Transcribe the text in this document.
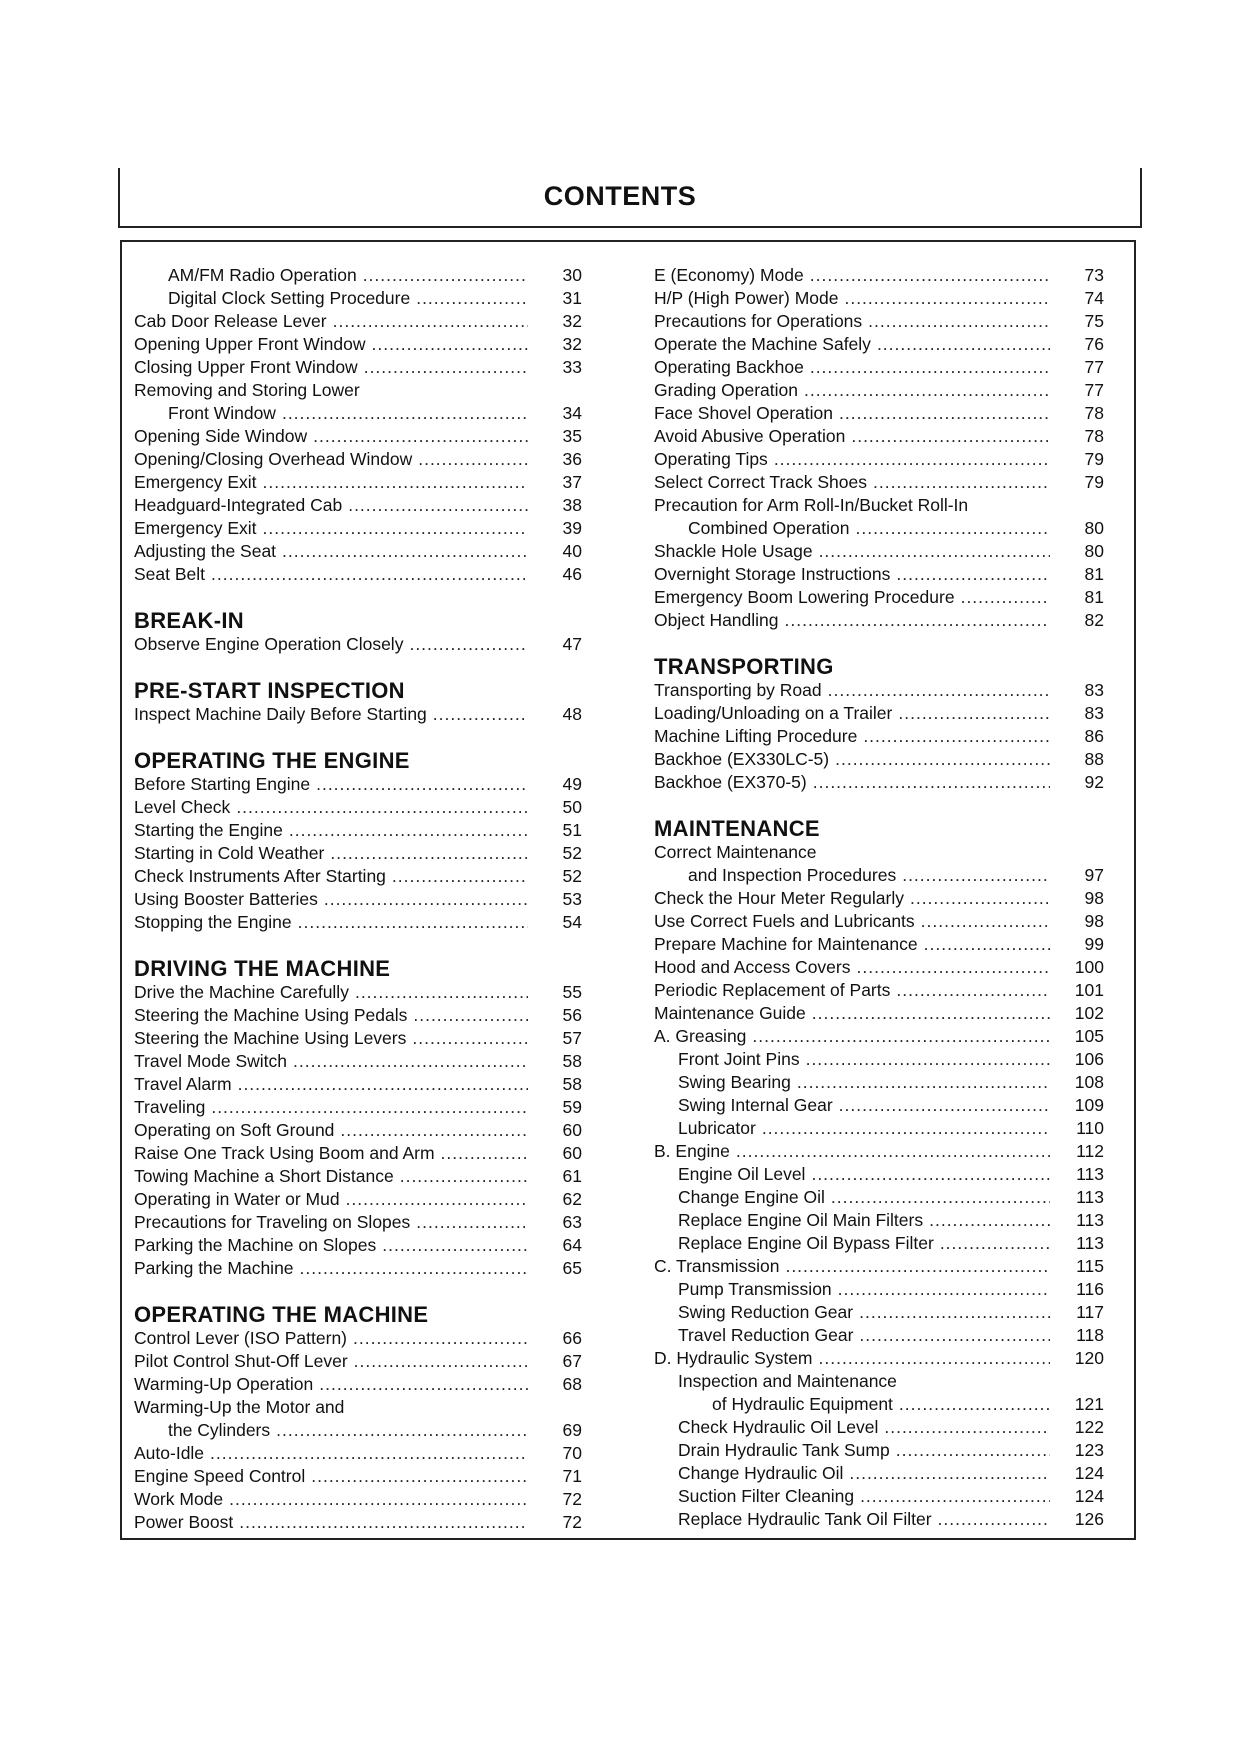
CONTENTS
AM/FM Radio Operation .....	30
Digital Clock Setting Procedure .....	31
Cab Door Release Lever .....	32
Opening Upper Front Window .....	32
Closing Upper Front Window .....	33
Removing and Storing Lower
Front Window .....	34
Opening Side Window .....	35
Opening/Closing Overhead Window .....	36
Emergency Exit .....	37
Headguard-Integrated Cab .....	38
Emergency Exit .....	39
Adjusting the Seat .....	40
Seat Belt .....	46
BREAK-IN
Observe Engine Operation Closely .....	47
PRE-START INSPECTION
Inspect Machine Daily Before Starting .....	48
OPERATING THE ENGINE
Before Starting Engine .....	49
Level Check .....	50
Starting the Engine .....	51
Starting in Cold Weather .....	52
Check Instruments After Starting .....	52
Using Booster Batteries .....	53
Stopping the Engine .....	54
DRIVING THE MACHINE
Drive the Machine Carefully .....	55
Steering the Machine Using Pedals .....	56
Steering the Machine Using Levers .....	57
Travel Mode Switch .....	58
Travel Alarm .....	58
Traveling .....	59
Operating on Soft Ground .....	60
Raise One Track Using Boom and Arm .....	60
Towing Machine a Short Distance .....	61
Operating in Water or Mud .....	62
Precautions for Traveling on Slopes .....	63
Parking the Machine on Slopes .....	64
Parking the Machine .....	65
OPERATING THE MACHINE
Control Lever (ISO Pattern) .....	66
Pilot Control Shut-Off Lever .....	67
Warming-Up Operation .....	68
Warming-Up the Motor and
the Cylinders .....	69
Auto-Idle .....	70
Engine Speed Control .....	71
Work Mode .....	72
Power Boost .....	72
E (Economy) Mode .....	73
H/P (High Power) Mode .....	74
Precautions for Operations .....	75
Operate the Machine Safely .....	76
Operating Backhoe .....	77
Grading Operation .....	77
Face Shovel Operation .....	78
Avoid Abusive Operation .....	78
Operating Tips .....	79
Select Correct Track Shoes .....	79
Precaution for Arm Roll-In/Bucket Roll-In
Combined Operation .....	80
Shackle Hole Usage .....	80
Overnight Storage Instructions .....	81
Emergency Boom Lowering Procedure .....	81
Object Handling .....	82
TRANSPORTING
Transporting by Road .....	83
Loading/Unloading on a Trailer .....	83
Machine Lifting Procedure .....	86
Backhoe (EX330LC-5) .....	88
Backhoe (EX370-5) .....	92
MAINTENANCE
Correct Maintenance
and Inspection Procedures .....	97
Check the Hour Meter Regularly .....	98
Use Correct Fuels and Lubricants .....	98
Prepare Machine for Maintenance .....	99
Hood and Access Covers .....	100
Periodic Replacement of Parts .....	101
Maintenance Guide .....	102
A. Greasing .....	105
Front Joint Pins .....	106
Swing Bearing .....	108
Swing Internal Gear .....	109
Lubricator .....	110
B. Engine .....	112
Engine Oil Level .....	113
Change Engine Oil .....	113
Replace Engine Oil Main Filters .....	113
Replace Engine Oil Bypass Filter .....	113
C. Transmission .....	115
Pump Transmission .....	116
Swing Reduction Gear .....	117
Travel Reduction Gear .....	118
D. Hydraulic System .....	120
Inspection and Maintenance
of Hydraulic Equipment .....	121
Check Hydraulic Oil Level .....	122
Drain Hydraulic Tank Sump .....	123
Change Hydraulic Oil .....	124
Suction Filter Cleaning .....	124
Replace Hydraulic Tank Oil Filter .....	126
